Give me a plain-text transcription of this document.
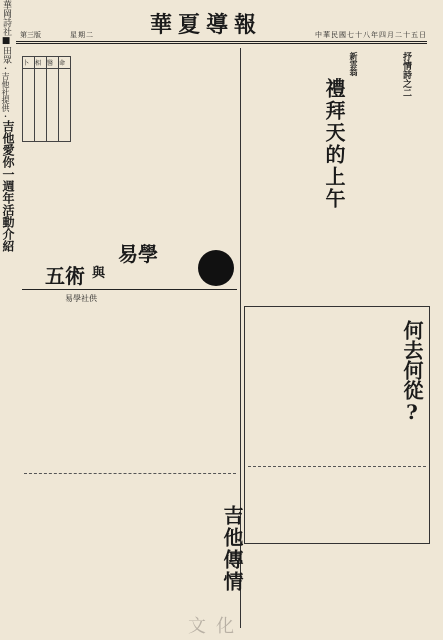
華夏導報	中華民國七十八年四月二十五日
星期二
第三版
抒情詩之二
新雲翁
禮拜天的上午
華岡詩社
卜	相	醫	命

易學
與
五術
易學社供
何去何從?
■田眾
吉他傳情
・吉他社提供・
吉他愛你一週年活動介紹
文化
